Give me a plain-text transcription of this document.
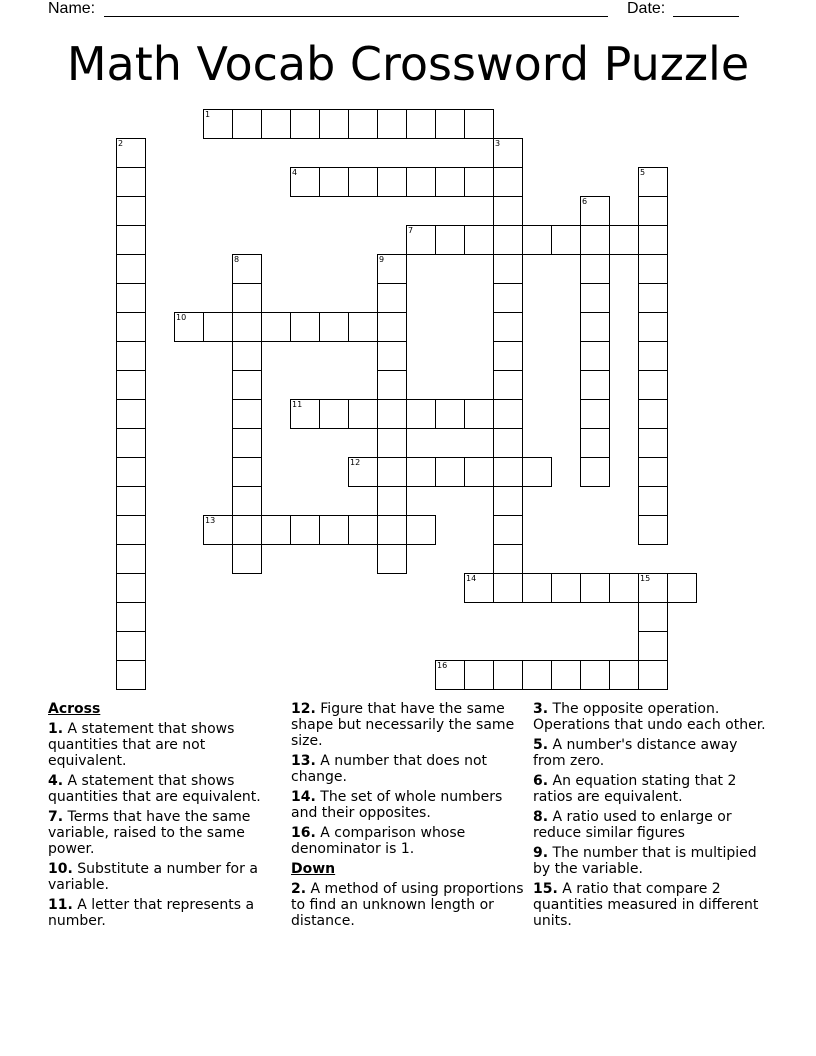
Name:	Date:
Math Vocab Crossword Puzzle
1
2	3
4	5
6
7
8	9
10
11
12
13
14	15
16
Across
1. A statement that shows quantities that are not equivalent.
4. A statement that shows quantities that are equivalent.
7. Terms that have the same variable, raised to the same power.
10. Substitute a number for a variable.
11. A letter that represents a number.
12. Figure that have the same shape but necessarily the same size.
13. A number that does not change.
14. The set of whole numbers and their opposites.
16. A comparison whose denominator is 1.
Down
2. A method of using proportions to find an unknown length or distance.
3. The opposite operation. Operations that undo each other.
5. A number's distance away from zero.
6. An equation stating that 2 ratios are equivalent.
8. A ratio used to enlarge or reduce similar figures
9. The number that is multipied by the variable.
15. A ratio that compare 2 quantities measured in different units.
